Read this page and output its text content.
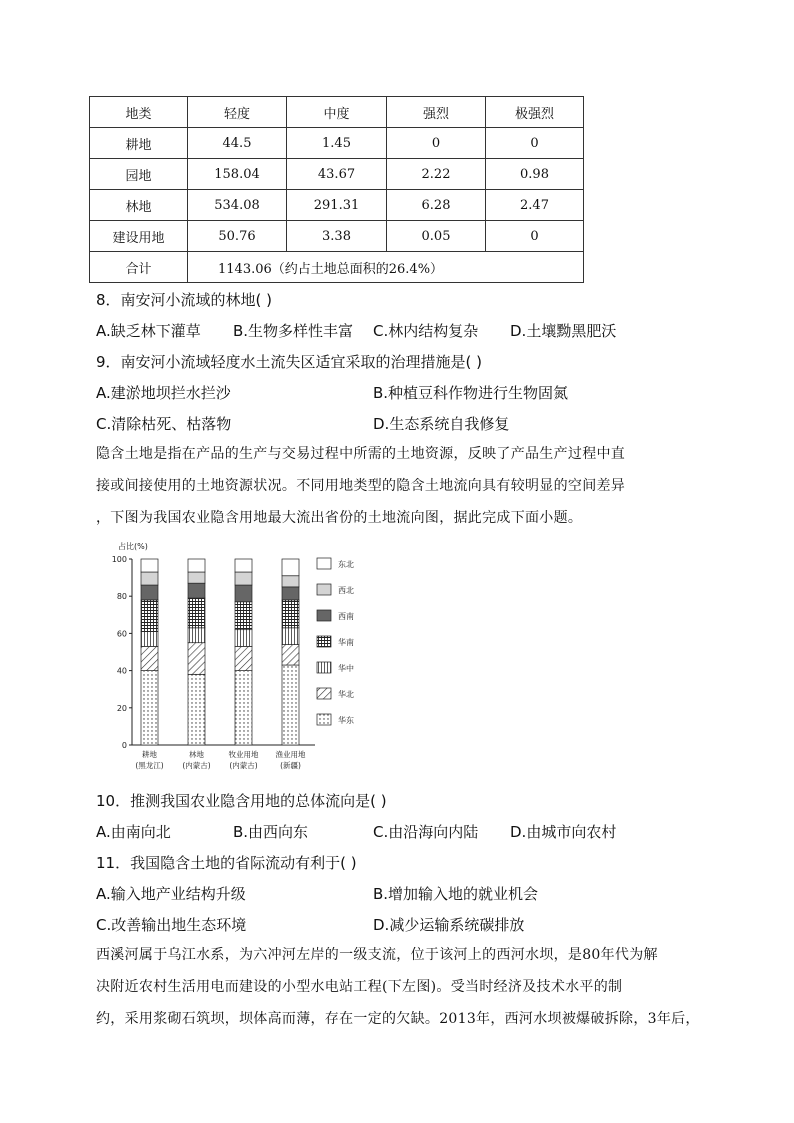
地类	轻度	中度	强烈	极强烈
耕地	44.5	1.45	0	0
园地	158.04	43.67	2.22	0.98
林地	534.08	291.31	6.28	2.47
建设用地	50.76	3.38	0.05	0
合计	1143.06（约占土地总面积的26.4%）			
8．南安河小流域的林地( )
A.缺乏林下灌草 B.生物多样性丰富 C.林内结构复杂 D.土壤黝黑肥沃
9．南安河小流域轻度水土流失区适宜采取的治理措施是( )
A.建淤地坝拦水拦沙	B.种植豆科作物进行生物固氮
C.清除枯死、枯落物	D.生态系统自我修复
隐含土地是指在产品的生产与交易过程中所需的土地资源，反映了产品生产过程中直
接或间接使用的土地资源状况。不同用地类型的隐含土地流向具有较明显的空间差异
，下图为我国农业隐含用地最大流出省份的土地流向图，据此完成下面小题。
占比(%)
0
20
40
60
80
100
耕地
(黑龙江)
林地
(内蒙古)
牧业用地
(内蒙古)
渔业用地
(新疆)
东北
西北
西南
华南
华中
华北
华东
10．推测我国农业隐含用地的总体流向是( )
A.由南向北	B.由西向东	C.由沿海向内陆 D.由城市向农村
11．我国隐含土地的省际流动有利于( )
A.输入地产业结构升级	B.增加输入地的就业机会
C.改善输出地生态环境	D.减少运输系统碳排放
西溪河属于乌江水系，为六冲河左岸的一级支流，位于该河上的西河水坝，是80年代为解
决附近农村生活用电而建设的小型水电站工程(下左图)。受当时经济及技术水平的制
约，采用浆砌石筑坝，坝体高而薄，存在一定的欠缺。2013年，西河水坝被爆破拆除，3年后，
